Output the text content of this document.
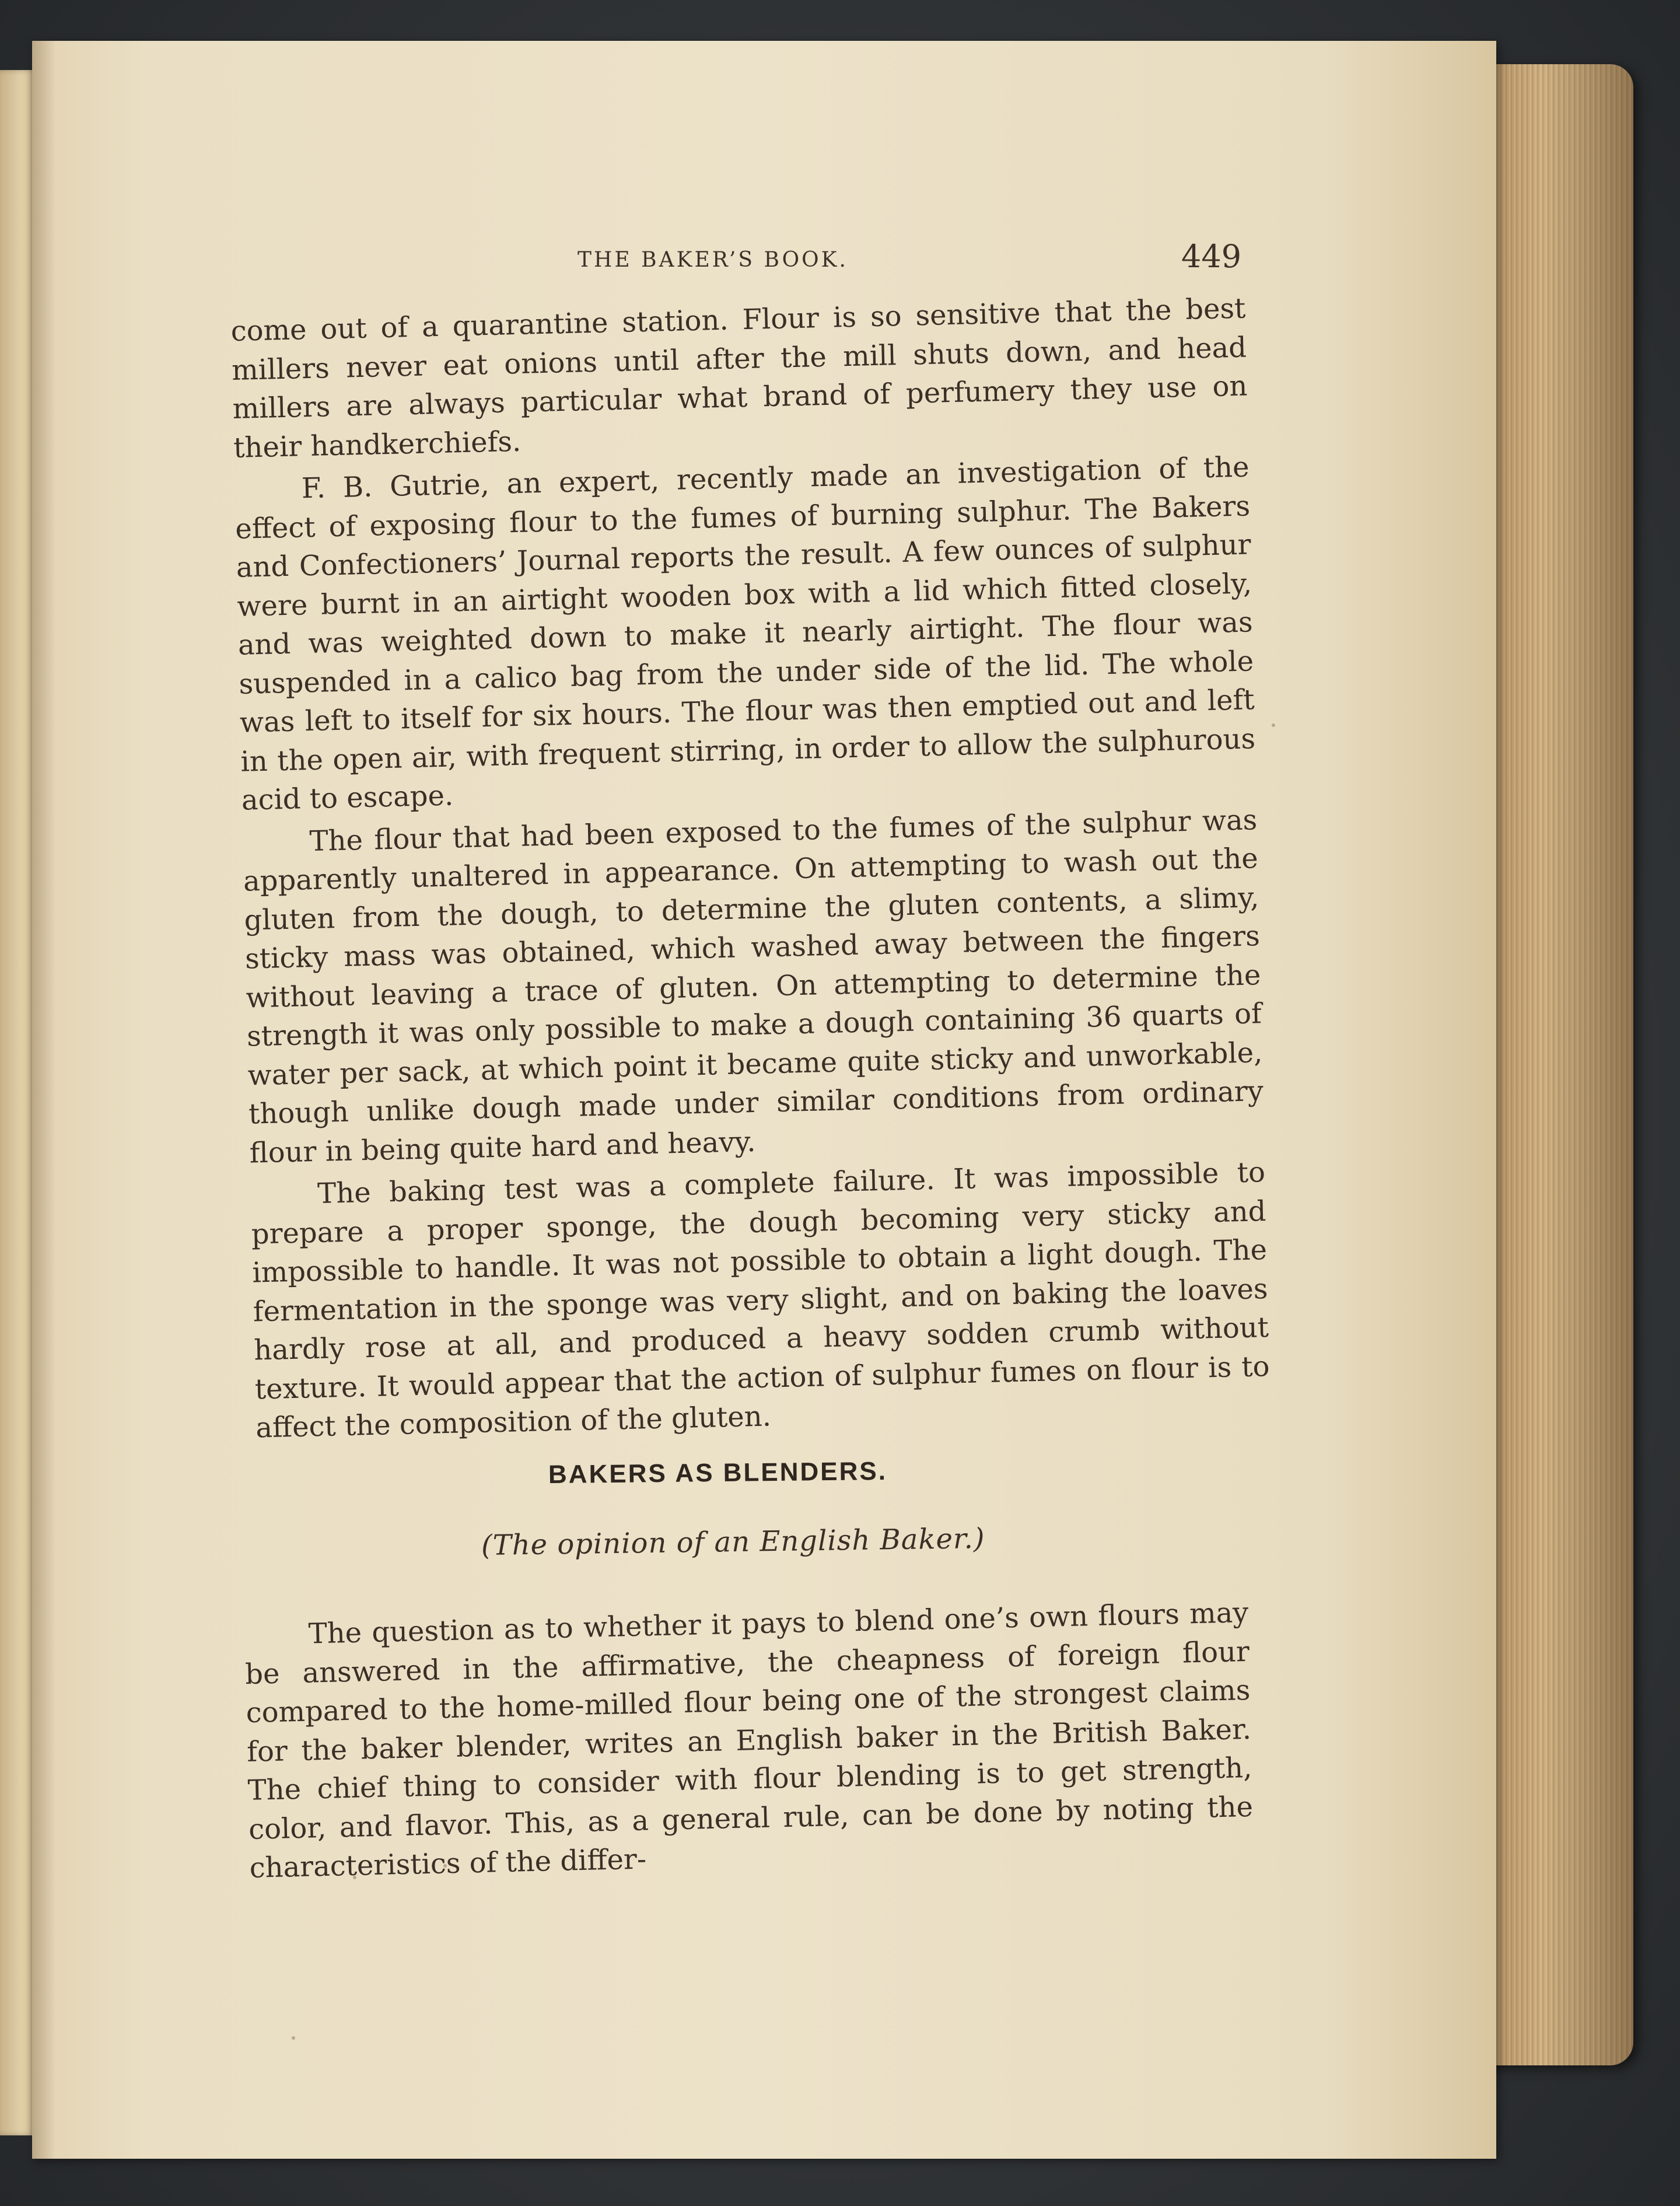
THE BAKER’S BOOK.	449

come out of a quarantine station. Flour is so sensitive that the best millers never eat onions until after the mill shuts down, and head millers are always particular what brand of perfumery they use on their handkerchiefs.

F. B. Gutrie, an expert, recently made an investigation of the effect of exposing flour to the fumes of burning sulphur. The Bakers and Confectioners’ Journal reports the result. A few ounces of sulphur were burnt in an airtight wooden box with a lid which fitted closely, and was weighted down to make it nearly airtight. The flour was suspended in a calico bag from the under side of the lid. The whole was left to itself for six hours. The flour was then emptied out and left in the open air, with frequent stirring, in order to allow the sulphurous acid to escape.

The flour that had been exposed to the fumes of the sulphur was apparently unaltered in appearance. On attempting to wash out the gluten from the dough, to determine the gluten contents, a slimy, sticky mass was obtained, which washed away between the fingers without leaving a trace of gluten. On attempting to determine the strength it was only possible to make a dough containing 36 quarts of water per sack, at which point it became quite sticky and unworkable, though unlike dough made under similar conditions from ordinary flour in being quite hard and heavy.

The baking test was a complete failure. It was impossible to prepare a proper sponge, the dough becoming very sticky and impossible to handle. It was not possible to obtain a light dough. The fermentation in the sponge was very slight, and on baking the loaves hardly rose at all, and produced a heavy sodden crumb without texture. It would appear that the action of sulphur fumes on flour is to affect the composition of the gluten.

BAKERS AS BLENDERS.
(The opinion of an English Baker.)

The question as to whether it pays to blend one’s own flours may be answered in the affirmative, the cheapness of foreign flour compared to the home-milled flour being one of the strongest claims for the baker blender, writes an English baker in the British Baker. The chief thing to consider with flour blending is to get strength, color, and flavor. This, as a general rule, can be done by noting the characteristics of the differ-
